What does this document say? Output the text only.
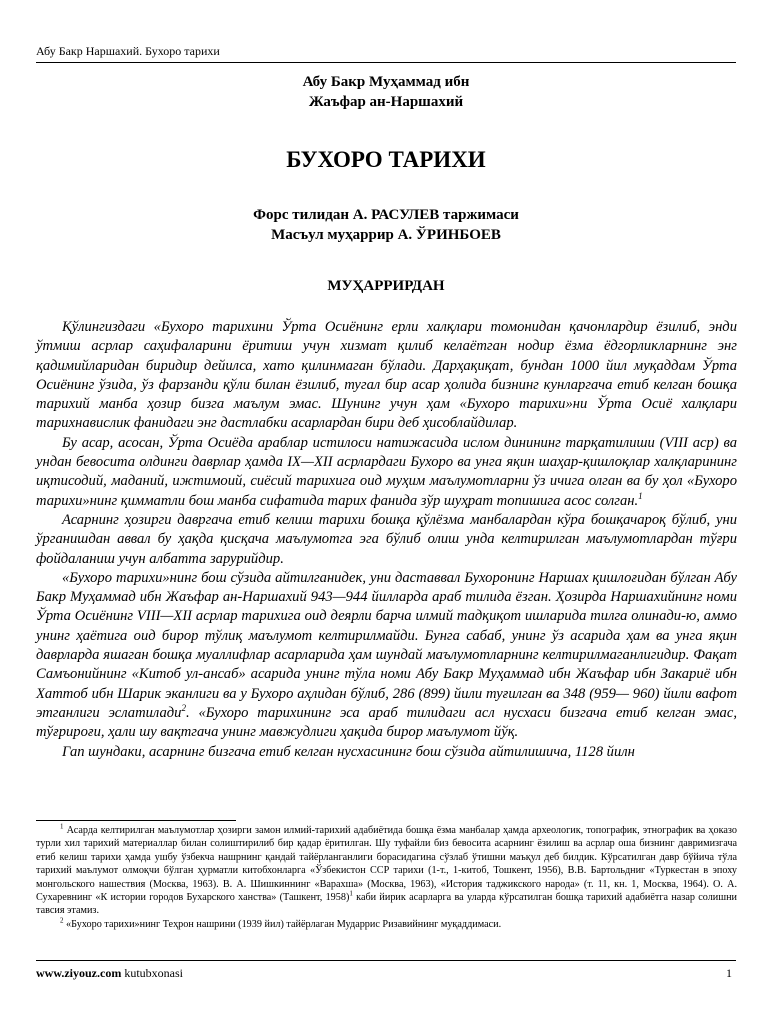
Абу Бакр Наршахий. Бухоро тарихи
Абу Бакр Муҳаммад ибн
Жаъфар ан-Наршахий
БУХОРО ТАРИХИ
Форс тилидан А. РАСУЛЕВ таржимаси
Масъул муҳаррир А. ЎРИНБОЕВ
МУҲАРРИРДАН

Қўлингиздаги «Бухоро тарихини Ўрта Осиёнинг ерли халқлари томонидан қачонлардир ёзилиб, энди ўтмиш асрлар саҳифаларини ёритиш учун хизмат қилиб келаётган нодир ёзма ёдгорликларнинг энг қадимийларидан биридир дейилса, хато қилинмаган бўлади. Дарҳақиқат, бундан 1000 йил муқаддам Ўрта Осиёнинг ўзида, ўз фарзанди қўли билан ёзилиб, тугал бир асар ҳолида бизнинг кунларгача етиб келган бошқа тарихий манба ҳозир бизга маълум эмас. Шунинг учун ҳам «Бухоро тарихи»ни Ўрта Осиё халқлари тарихнавислик фанидаги энг дастлабки асарлардан бири деб ҳисоблайдилар.

Бу асар, асосан, Ўрта Осиёда араблар истилоси натижасида ислом динининг тарқатилиши (VIII аср) ва ундан бевосита олдинги даврлар ҳамда IX—XII асрлардаги Бухоро ва унга яқин шаҳар-қишлоқлар халқларининг иқтисодий, маданий, ижтимоий, сиёсий тарихига оид муҳим маълумотларни ўз ичига олган ва бу ҳол «Бухоро тарихи»нинг қимматли бош манба сифатида тарих фанида зўр шуҳрат топишига асос солган.$^1$

Асарнинг ҳозирги давргача етиб келиш тарихи бошқа қўлёзма манбалардан кўра бошқачароқ бўлиб, уни ўрганишдан аввал бу ҳақда қисқача маълумотга эга бўлиб олиш унда келтирилган маълумотлардан тўғри фойдаланиш учун албатта зарурийдир.

«Бухоро тарихи»нинг бош сўзида айтилганидек, уни даставвал Бухоронинг Наршах қишлоғидан бўлган Абу Бакр Муҳаммад ибн Жаъфар ан-Наршахий 943—944 йилларда араб тилида ёзган. Ҳозирда Наршахийнинг номи Ўрта Осиёнинг VIII—XII асрлар тарихига оид деярли барча илмий тадқиқот ишларида тилга олинади-ю, аммо унинг ҳаётига оид бирор тўлиқ маълумот келтирилмайди. Бунга сабаб, унинг ўз асарида ҳам ва унга яқин даврларда яшаган бошқа муаллифлар асарларида ҳам шундай маълумотларнинг келтирилмаганлигидир. Фақат Самъонийнинг «Китоб ул-ансаб» асарида унинг тўла номи Абу Бакр Муҳаммад ибн Жаъфар ибн Закариё ибн Хаттоб ибн Шарик эканлиги ва у Бухоро аҳлидан бўлиб, 286 (899) йили туғилган ва 348 (959— 960) йили вафот этганлиги эслатилади$^2$. «Бухоро тарихининг эса араб тилидаги асл нусхаси бизгача етиб келган эмас, тўғрироғи, ҳали шу вақтгача унинг мавжудлиги ҳақида бирор маълумот йўқ.

Гап шундаки, асарнинг бизгача етиб келган нусхасининг бош сўзида айтилишича, 1128 йилн

$^1$ Асарда келтирилган маълумотлар ҳозирги замон илмий-тарихий адабиётида бошқа ёзма манбалар ҳамда археологик, топографик, этнографик ва ҳоказо турли хил тарихий материаллар билан солиштирилиб бир қадар ёритилган. Шу туфайли биз бевосита асарнинг ёзилиш ва асрлар оша бизнинг давримизгача етиб келиш тарихи ҳамда ушбу ўзбекча нашрнинг қандай тайёрланганлиги борасидагина сўзлаб ўтишни маъқул деб билдик. Кўрсатилган давр бўйича тўла тарихий маълумот олмоқчи бўлган ҳурматли китобхонларга «Ўзбекистон ССР тарихи (1-т., 1-китоб, Тошкент, 1956), В.В. Бартольдниг «Туркестан в эпоху монгольского нашествия (Москва, 1963). В. А. Шишкиннинг «Варахша» (Москва, 1963), «История таджикского народа» (т. 11, кн. 1, Москва, 1964). О. А. Сухаревнинг «К истории городов Бухарского ханства» (Ташкент, 1958)$^1$ каби йирик асарларга ва уларда кўрсатилган бошқа тарихий адабиётга назар солишни тавсия этамиз.

$^2$ «Бухоро тарихи»нинг Теҳрон нашрини (1939 йил) тайёрлаган Мударрис Ризавийнинг муқаддимаси.

www.ziyouz.com kutubxonasi	1
